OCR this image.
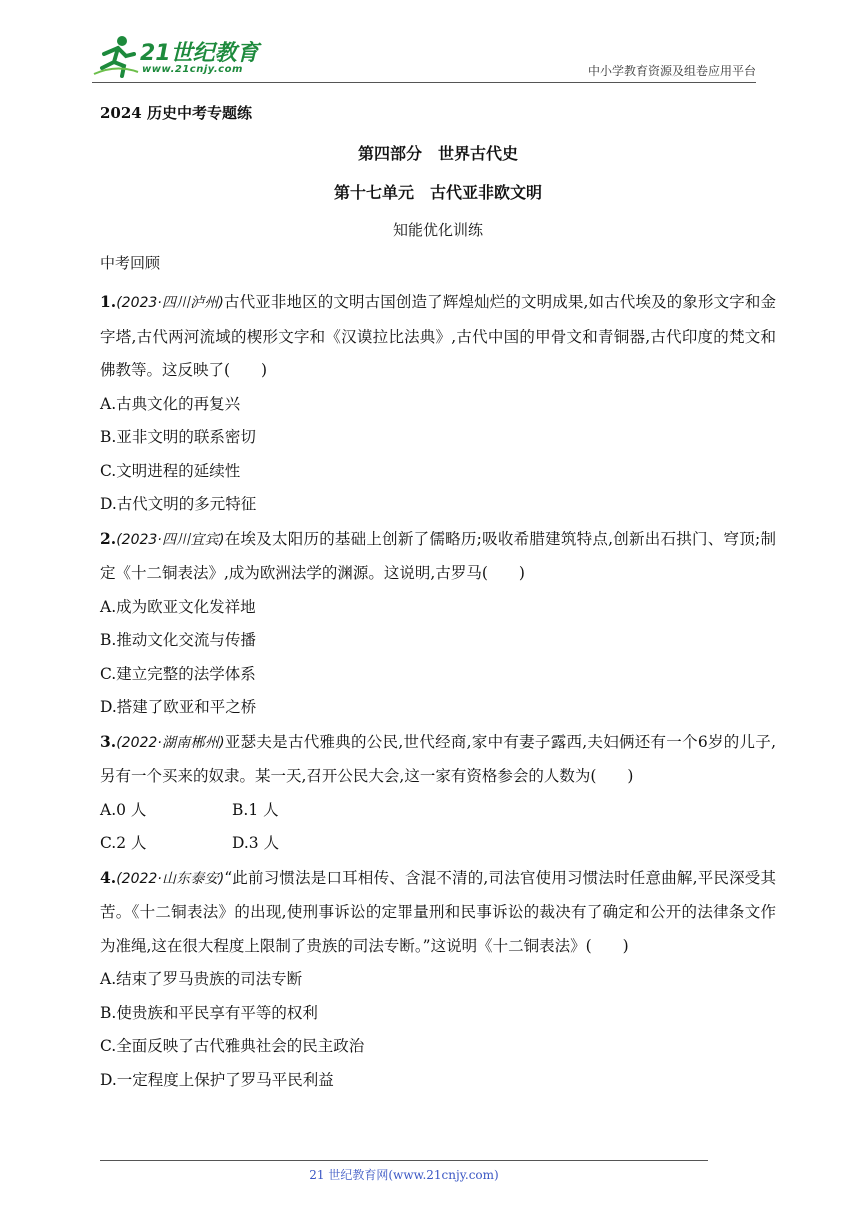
21世纪教育
www.21cnjy.com	中小学教育资源及组卷应用平台

2024 历史中考专题练

第四部分　世界古代史

第十七单元　古代亚非欧文明

知能优化训练

中考回顾

1.(2023·四川泸州)古代亚非地区的文明古国创造了辉煌灿烂的文明成果,如古代埃及的象形文字和金字塔,古代两河流域的楔形文字和《汉谟拉比法典》,古代中国的甲骨文和青铜器,古代印度的梵文和佛教等。这反映了(　　)

A.古典文化的再复兴

B.亚非文明的联系密切

C.文明进程的延续性

D.古代文明的多元特征

2.(2023·四川宜宾)在埃及太阳历的基础上创新了儒略历;吸收希腊建筑特点,创新出石拱门、穹顶;制定《十二铜表法》,成为欧洲法学的渊源。这说明,古罗马(　　)

A.成为欧亚文化发祥地

B.推动文化交流与传播

C.建立完整的法学体系

D.搭建了欧亚和平之桥

3.(2022·湖南郴州)亚瑟夫是古代雅典的公民,世代经商,家中有妻子露西,夫妇俩还有一个6岁的儿子,另有一个买来的奴隶。某一天,召开公民大会,这一家有资格参会的人数为(　　)

A.0 人	B.1 人
C.2 人	D.3 人

4.(2022·山东泰安)“此前习惯法是口耳相传、含混不清的,司法官使用习惯法时任意曲解,平民深受其苦。《十二铜表法》的出现,使刑事诉讼的定罪量刑和民事诉讼的裁决有了确定和公开的法律条文作为准绳,这在很大程度上限制了贵族的司法专断。”这说明《十二铜表法》(　　)

A.结束了罗马贵族的司法专断

B.使贵族和平民享有平等的权利

C.全面反映了古代雅典社会的民主政治

D.一定程度上保护了罗马平民利益

21 世纪教育网(www.21cnjy.com)
